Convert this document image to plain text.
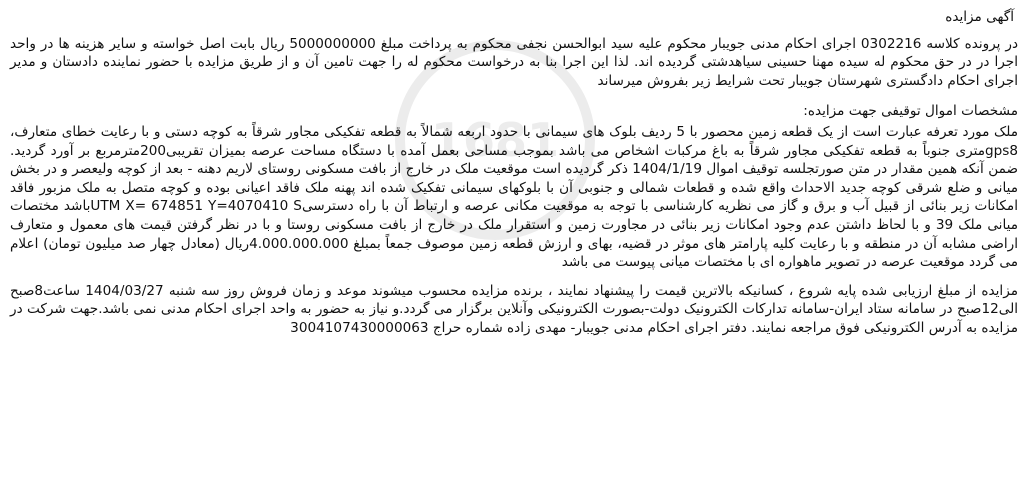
1681
آگهی مزایده

در پرونده کلاسه 0302216 اجرای احکام مدنی جویبار محکوم علیه سید ابوالحسن نجفی محکوم به پرداخت مبلغ 5000000000 ریال بابت اصل خواسته و سایر هزینه ها در واحد اجرا در در حق محکوم له سیده مهنا حسینی سیاهدشتی گردیده اند. لذا این اجرا بنا به درخواست محکوم له را جهت تامین آن و از طریق مزایده با حضور نماینده دادستان و مدیر اجرای احکام دادگستری شهرستان جویبار تحت شرایط زیر بفروش میرساند

مشخصات اموال توقیفی جهت مزایده:

ملک مورد تعرفه عبارت است از یک قطعه زمین محصور با 5 ردیف بلوک های سیمانی با حدود اربعه شمالاً به قطعه تفکیکی مجاور شرقاً به کوچه دستی و با رعایت خطای متعارف، gps8متری جنوباً به قطعه تفکیکی مجاور شرقاً به باغ مرکبات اشخاص می باشد بموجب مساحی بعمل آمده با دستگاه مساحت عرصه بمیزان تقریبی200مترمربع بر آورد گردید. ضمن آنکه همین مقدار در متن صورتجلسه توقیف اموال 1404/1/19 ذکر گردیده است موقعیت ملک در خارج از بافت مسکونی روستای لاریم دهنه - بعد از کوچه ولیعصر و در بخش میانی و ضلع شرقی کوچه جدید الاحداث واقع شده و قطعات شمالی و جنوبی آن با بلوکهای سیمانی تفکیک شده اند پهنه ملک فاقد اعیانی بوده و کوچه متصل به ملک مزبور فاقد امکانات زیر بنائی از قبیل آب و برق و گاز می نظریه کارشناسی با توجه به موقعیت مکانی عرصه و ارتباط آن با راه دسترسیUTM X= 674851 Y=4070410 Sباشد مختصات میانی ملک 39 و با لحاظ داشتن عدم وجود امکانات زیر بنائی در مجاورت زمین و استقرار ملک در خارج از بافت مسکونی روستا و با در نظر گرفتن قیمت های معمول و متعارف اراضی مشابه آن در منطقه و با رعایت کلیه پارامتر های موثر در قضیه، بهای و ارزش قطعه زمین موصوف جمعاً بمبلغ 4.000.000.000ریال (معادل چهار صد میلیون تومان) اعلام می گردد موقعیت عرصه در تصویر ماهواره ای با مختصات میانی پیوست می باشد

مزایده از مبلغ ارزیابی شده پایه شروع ، کسانیکه بالاترین قیمت را پیشنهاد نمایند ، برنده مزایده محسوب میشوند موعد و زمان فروش روز سه شنبه 1404/03/27 ساعت8صبح الی12صبح در سامانه ستاد ایران-سامانه تدارکات الکترونیک دولت-بصورت الکترونیکی وآنلاین برگزار می گردد.و نیاز به حضور به واحد اجرای احکام مدنی نمی باشد.جهت شرکت در مزایده به آدرس الکترونیکی فوق مراجعه نمایند. دفتر اجرای احکام مدنی جویبار- مهدی زاده شماره حراج 3004107430000063
